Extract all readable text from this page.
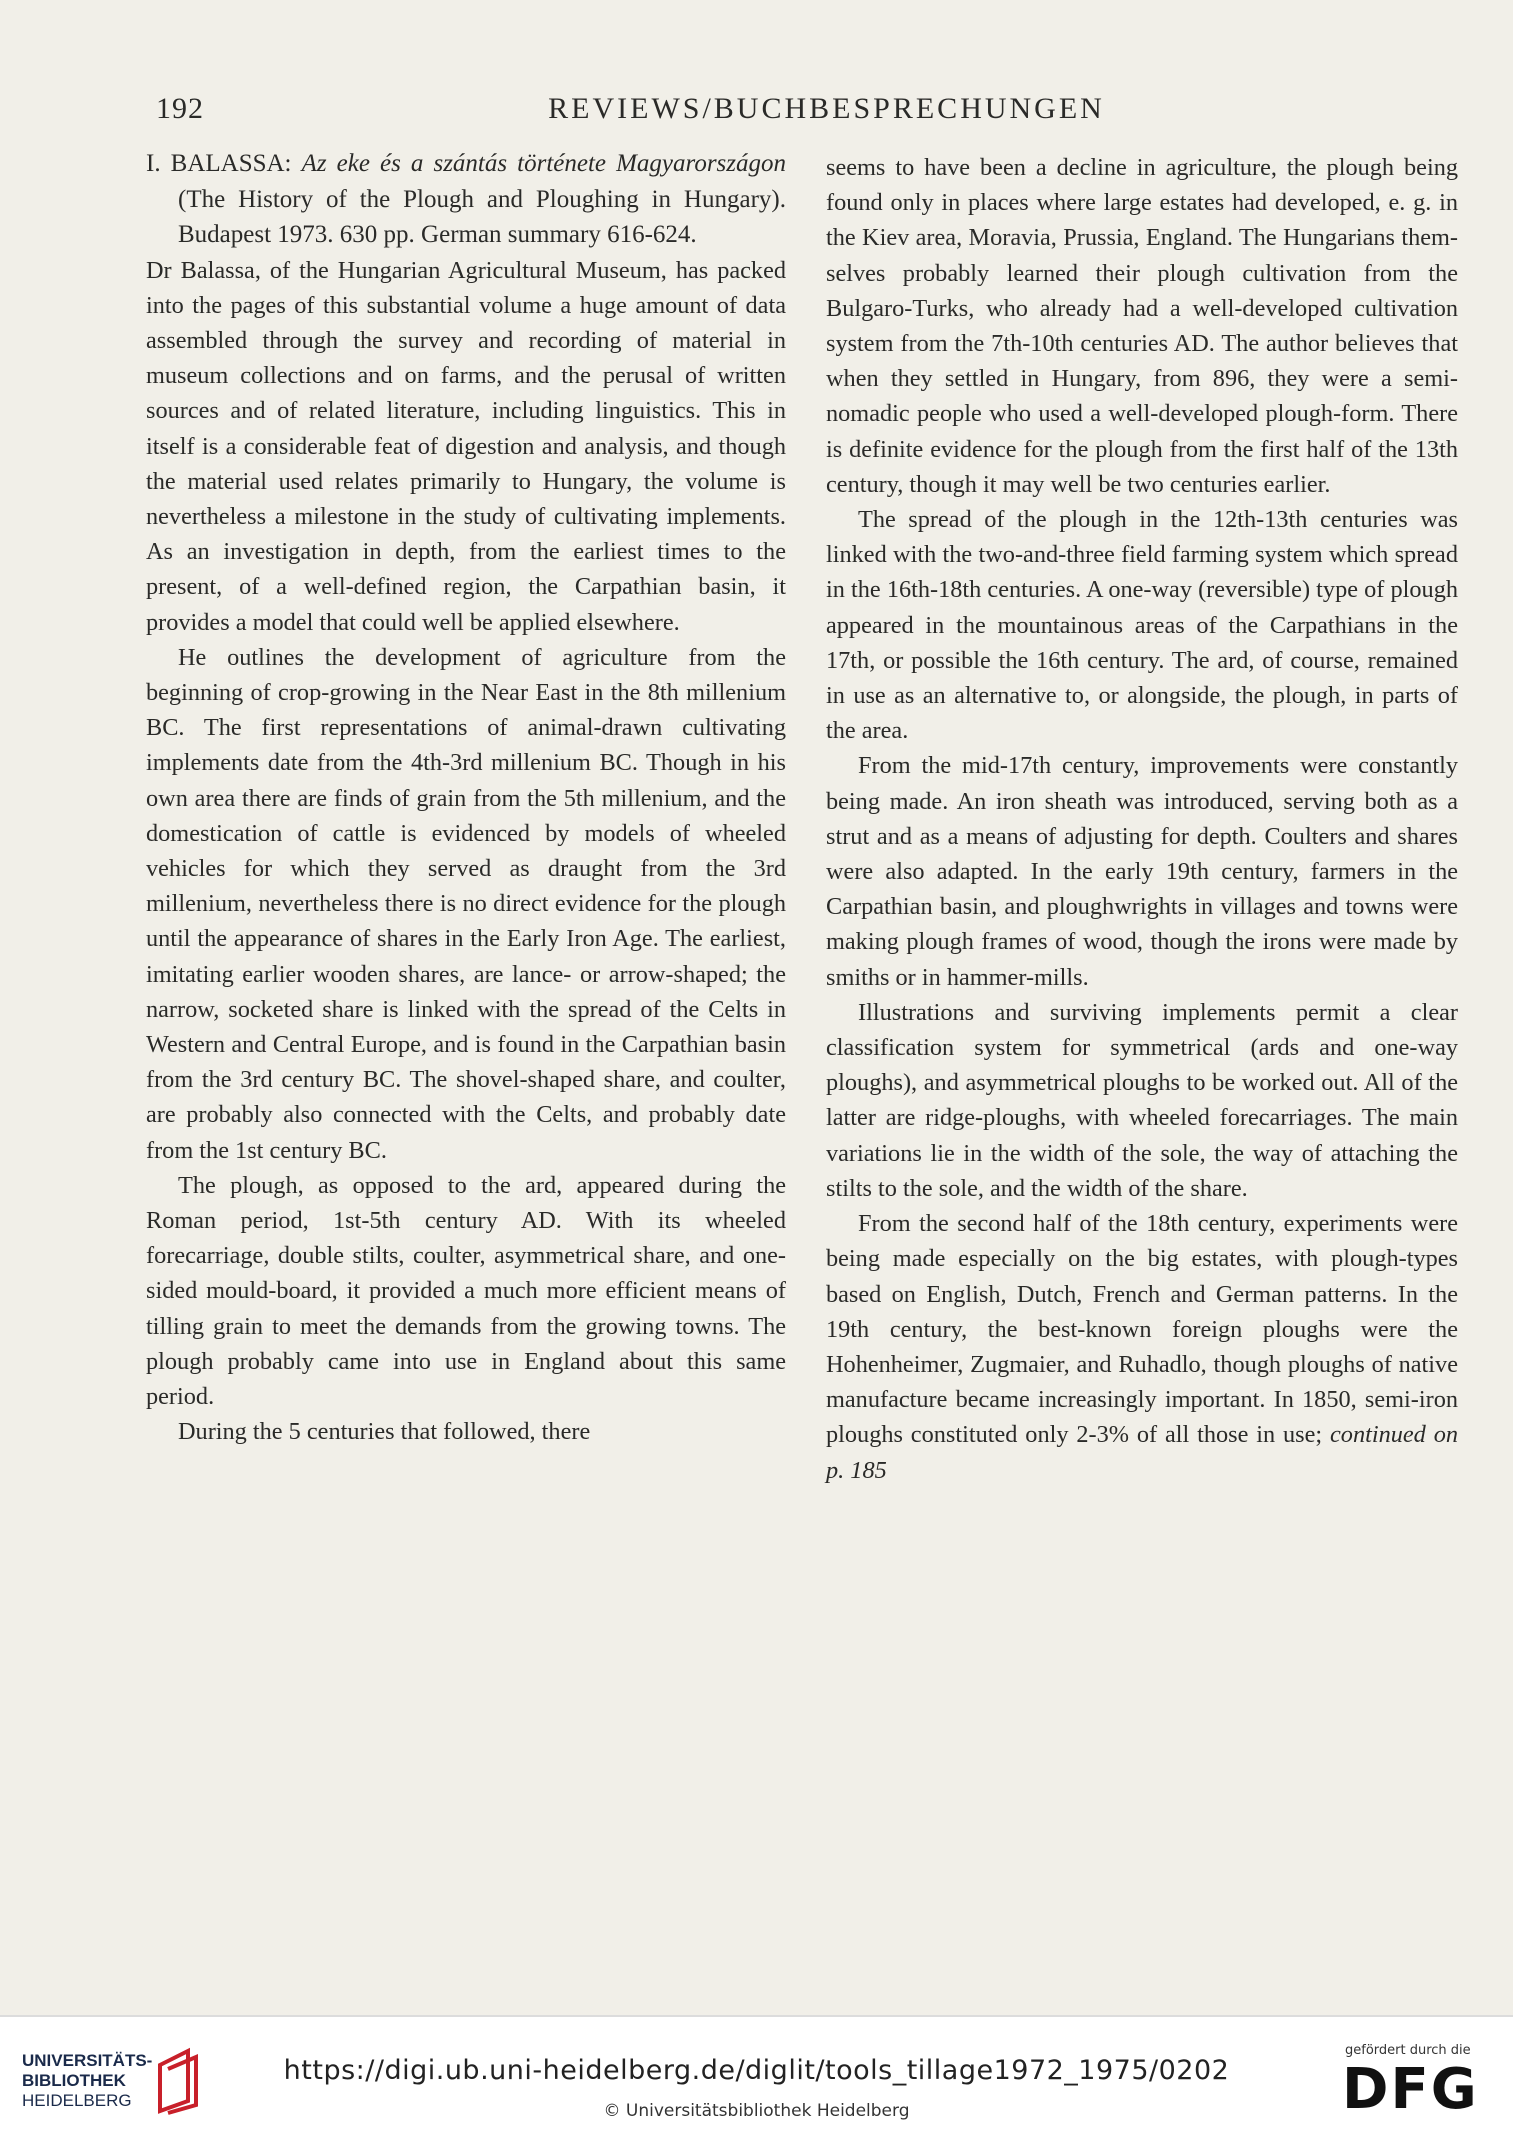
192	REVIEWS/BUCHBESPRECHUNGEN

I. BALASSA: Az eke és a szántás története Magyarországon (The History of the Plough and Ploughing in Hungary). Budapest 1973. 630 pp. German summary 616-624.

Dr Balassa, of the Hungarian Agricultural Museum, has packed into the pages of this substantial volume a huge amount of data assembled through the survey and recording of material in museum collections and on farms, and the perusal of written sources and of related literature, including linguistics. This in itself is a considerable feat of digestion and analysis, and though the material used relates primarily to Hungary, the volume is nevertheless a milestone in the study of cultivating implements. As an investigation in depth, from the earliest times to the present, of a well-defined region, the Carpathian basin, it provides a model that could well be applied elsewhere.

He outlines the development of agriculture from the beginning of crop-growing in the Near East in the 8th millenium BC. The first representations of animal-drawn cultivating implements date from the 4th-3rd millenium BC. Though in his own area there are finds of grain from the 5th millenium, and the domestication of cattle is evidenced by models of wheeled vehicles for which they served as draught from the 3rd millenium, nevertheless there is no direct evidence for the plough until the appearance of shares in the Early Iron Age. The earliest, imitating earlier wooden shares, are lance- or arrow-shaped; the narrow, socketed share is linked with the spread of the Celts in Western and Central Europe, and is found in the Carpathian basin from the 3rd century BC. The shovel-shaped share, and coulter, are probably also connected with the Celts, and probably date from the 1st century BC.

The plough, as opposed to the ard, appeared during the Roman period, 1st-5th century AD. With its wheeled forecarriage, double stilts, coulter, asymmetrical share, and one-sided mould-board, it provided a much more efficient means of tilling grain to meet the demands from the growing towns. The plough probably came into use in England about this same period.

During the 5 centuries that followed, there

seems to have been a decline in agriculture, the plough being found only in places where large estates had developed, e. g. in the Kiev area, Moravia, Prussia, England. The Hungarians themselves probably learned their plough cultivation from the Bulgaro-Turks, who already had a well-developed cultivation system from the 7th-10th centuries AD. The author believes that when they settled in Hungary, from 896, they were a semi-nomadic people who used a well-developed plough-form. There is definite evidence for the plough from the first half of the 13th century, though it may well be two centuries earlier.

The spread of the plough in the 12th-13th centuries was linked with the two-and-three field farming system which spread in the 16th-18th centuries. A one-way (reversible) type of plough appeared in the mountainous areas of the Carpathians in the 17th, or possible the 16th century. The ard, of course, remained in use as an alternative to, or alongside, the plough, in parts of the area.

From the mid-17th century, improvements were constantly being made. An iron sheath was introduced, serving both as a strut and as a means of adjusting for depth. Coulters and shares were also adapted. In the early 19th century, farmers in the Carpathian basin, and ploughwrights in villages and towns were making plough frames of wood, though the irons were made by smiths or in hammer-mills.

Illustrations and surviving implements permit a clear classification system for symmetrical (ards and one-way ploughs), and asymmetrical ploughs to be worked out. All of the latter are ridge-ploughs, with wheeled forecarriages. The main variations lie in the width of the sole, the way of attaching the stilts to the sole, and the width of the share.

From the second half of the 18th century, experiments were being made especially on the big estates, with plough-types based on English, Dutch, French and German patterns. In the 19th century, the best-known foreign ploughs were the Hohenheimer, Zugmaier, and Ruhadlo, though ploughs of native manufacture became increasingly important. In 1850, semi-iron ploughs constituted only 2-3% of all those in use; continued on p. 185

UNIVERSITÄTS-
BIBLIOTHEK
HEIDELBERG
https://digi.ub.uni-heidelberg.de/diglit/tools_tillage1972_1975/0202
© Universitätsbibliothek Heidelberg
gefördert durch die
DFG
